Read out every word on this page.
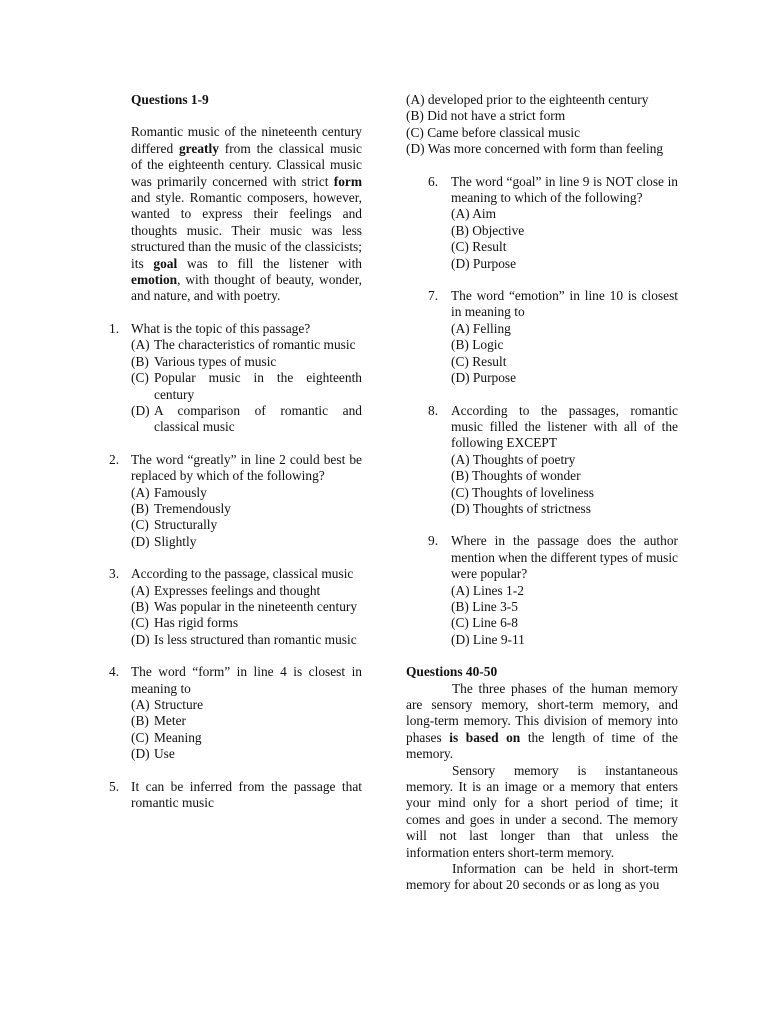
Questions 1-9

Romantic music of the nineteenth century differed greatly from the classical music of the eighteenth century. Classical music was primarily concerned with strict form and style. Romantic composers, however, wanted to express their feelings and thoughts music. Their music was less structured than the music of the classicists; its goal was to fill the listener with emotion, with thought of beauty, wonder, and nature, and with poetry.

1. What is the topic of this passage?

(A) The characteristics of romantic music

(B) Various types of music

(C) Popular music in the eighteenth century

(D) A comparison of romantic and classical music

2. The word “greatly” in line 2 could best be replaced by which of the following?

(A) Famously

(B) Tremendously

(C) Structurally

(D) Slightly

3. According to the passage, classical music

(A) Expresses feelings and thought

(B) Was popular in the nineteenth century

(C) Has rigid forms

(D) Is less structured than romantic music

4. The word “form” in line 4 is closest in meaning to

(A) Structure

(B) Meter

(C) Meaning

(D) Use

5. It can be inferred from the passage that romantic music

(A) developed prior to the eighteenth century

(B) Did not have a strict form

(C) Came before classical music

(D) Was more concerned with form than feeling

6. The word “goal” in line 9 is NOT close in meaning to which of the following?

(A) Aim

(B) Objective

(C) Result

(D) Purpose

7. The word “emotion” in line 10 is closest in meaning to

(A) Felling

(B) Logic

(C) Result

(D) Purpose

8. According to the passages, romantic music filled the listener with all of the following EXCEPT

(A) Thoughts of poetry

(B) Thoughts of wonder

(C) Thoughts of loveliness

(D) Thoughts of strictness

9. Where in the passage does the author mention when the different types of music were popular?

(A) Lines 1-2

(B) Line 3-5

(C) Line 6-8

(D) Line 9-11

Questions 40-50

The three phases of the human memory are sensory memory, short-term memory, and long-term memory. This division of memory into phases is based on the length of time of the memory.

Sensory memory is instantaneous memory. It is an image or a memory that enters your mind only for a short period of time; it comes and goes in under a second. The memory will not last longer than that unless the information enters short-term memory.

Information can be held in short-term memory for about 20 seconds or as long as you
